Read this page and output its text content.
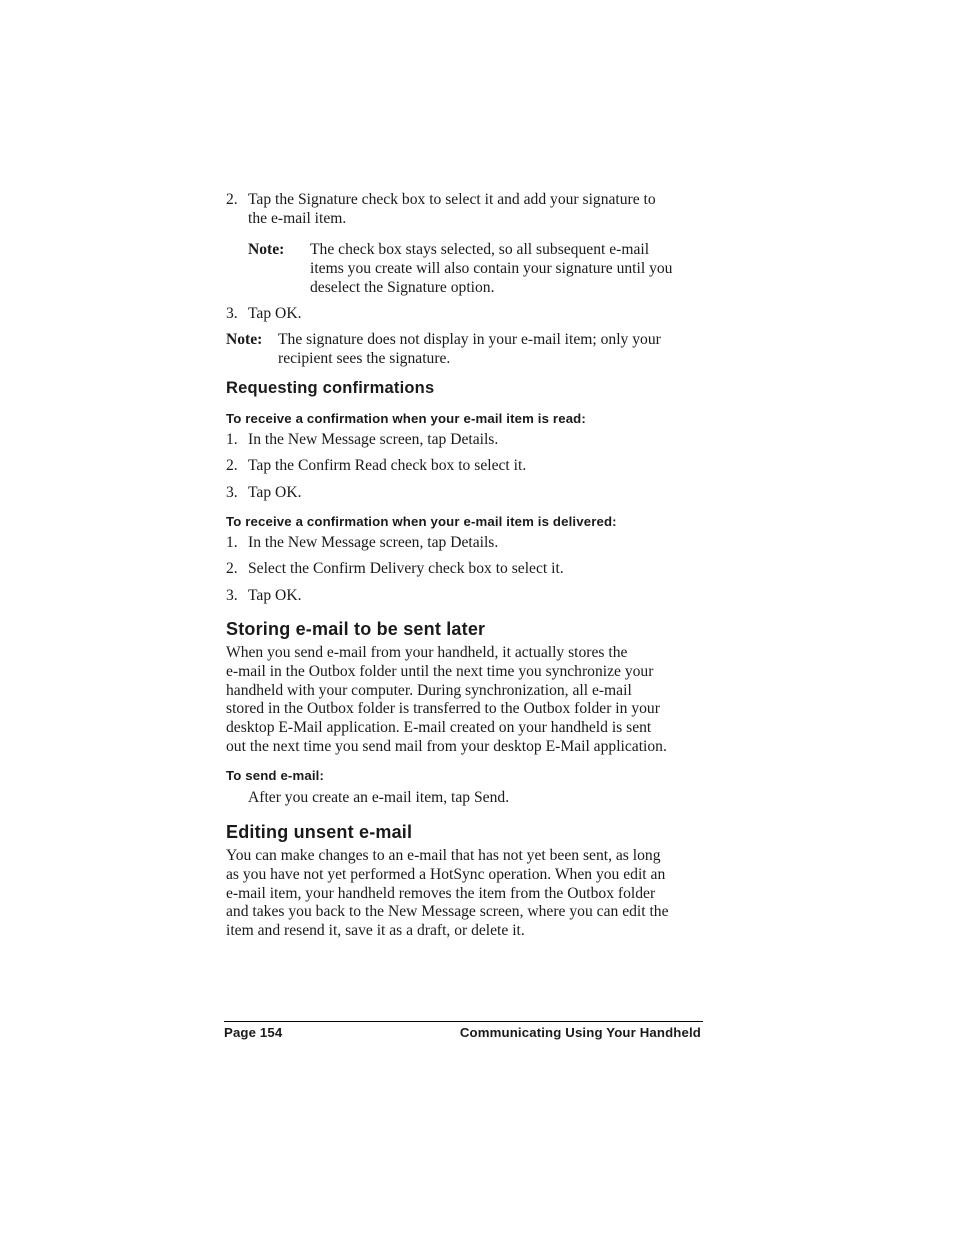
2. Tap the Signature check box to select it and add your signature to
the e-mail item.
Note: The check box stays selected, so all subsequent e-mail
items you create will also contain your signature until you
deselect the Signature option.
3. Tap OK.
Note: The signature does not display in your e-mail item; only your
recipient sees the signature.
Requesting confirmations
To receive a confirmation when your e-mail item is read:
1. In the New Message screen, tap Details.
2. Tap the Confirm Read check box to select it.
3. Tap OK.
To receive a confirmation when your e-mail item is delivered:
1. In the New Message screen, tap Details.
2. Select the Confirm Delivery check box to select it.
3. Tap OK.
Storing e-mail to be sent later
When you send e-mail from your handheld, it actually stores the
e-mail in the Outbox folder until the next time you synchronize your
handheld with your computer. During synchronization, all e-mail
stored in the Outbox folder is transferred to the Outbox folder in your
desktop E-Mail application. E-mail created on your handheld is sent
out the next time you send mail from your desktop E-Mail application.
To send e-mail:
After you create an e-mail item, tap Send.
Editing unsent e-mail
You can make changes to an e-mail that has not yet been sent, as long
as you have not yet performed a HotSync operation. When you edit an
e-mail item, your handheld removes the item from the Outbox folder
and takes you back to the New Message screen, where you can edit the
item and resend it, save it as a draft, or delete it.
Page 154	Communicating Using Your Handheld
